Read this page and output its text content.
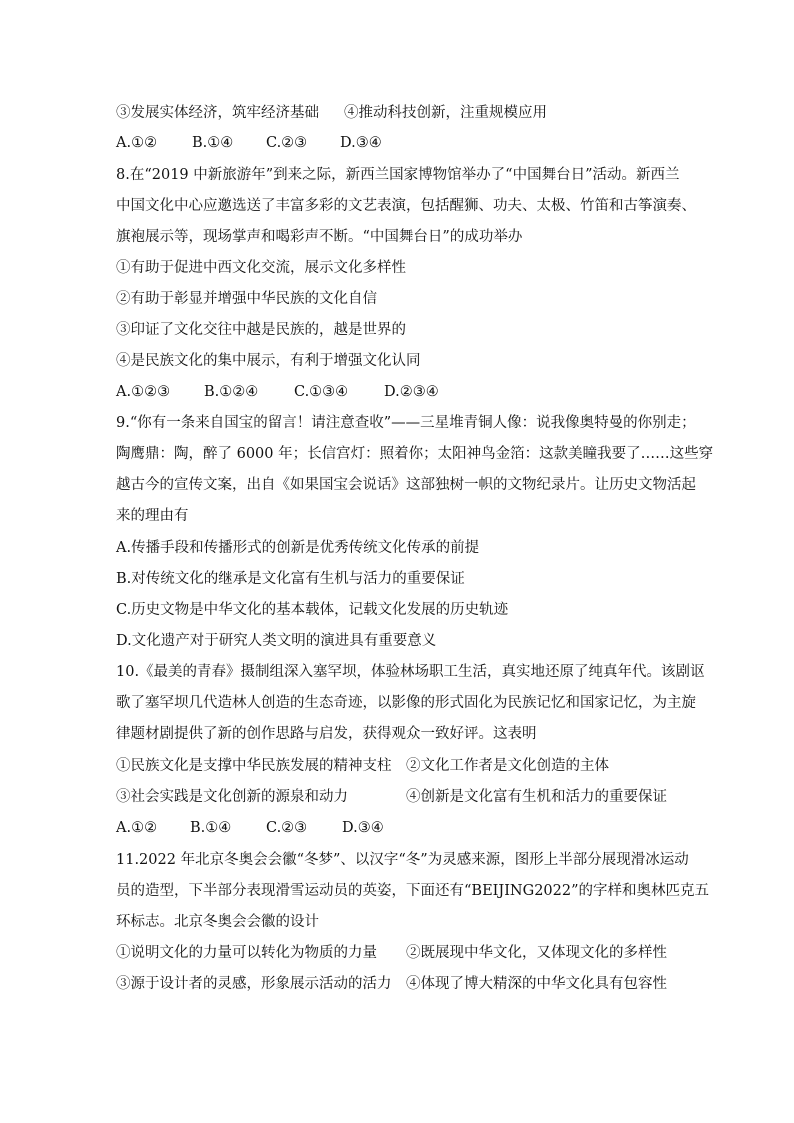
③发展实体经济，筑牢经济基础 ④推动科技创新，注重规模应用
A.①② B.①④ C.②③ D.③④
8.在“2019 中新旅游年”到来之际，新西兰国家博物馆举办了“中国舞台日”活动。新西兰
中国文化中心应邀选送了丰富多彩的文艺表演，包括醒狮、功夫、太极、竹笛和古筝演奏、
旗袍展示等，现场掌声和喝彩声不断。“中国舞台日”的成功举办
①有助于促进中西文化交流，展示文化多样性
②有助于彰显并增强中华民族的文化自信
③印证了文化交往中越是民族的，越是世界的
④是民族文化的集中展示，有利于增强文化认同
A.①②③ B.①②④ C.①③④ D.②③④
9.“你有一条来自国宝的留言！请注意查收”——三星堆青铜人像：说我像奥特曼的你别走；
陶鹰鼎：陶，醉了 6000 年；长信宫灯：照着你；太阳神鸟金箔：这款美瞳我要了……这些穿
越古今的宣传文案，出自《如果国宝会说话》这部独树一帜的文物纪录片。让历史文物活起
来的理由有
A.传播手段和传播形式的创新是优秀传统文化传承的前提
B.对传统文化的继承是文化富有生机与活力的重要保证
C.历史文物是中华文化的基本载体，记载文化发展的历史轨迹
D.文化遗产对于研究人类文明的演进具有重要意义
10.《最美的青春》摄制组深入塞罕坝，体验林场职工生活，真实地还原了纯真年代。该剧讴
歌了塞罕坝几代造林人创造的生态奇迹，以影像的形式固化为民族记忆和国家记忆，为主旋
律题材剧提供了新的创作思路与启发，获得观众一致好评。这表明
①民族文化是支撑中华民族发展的精神支柱 ②文化工作者是文化创造的主体
③社会实践是文化创新的源泉和动力	④创新是文化富有生机和活力的重要保证
A.①② B.①④ C.②③ D.③④
11.2022 年北京冬奥会会徽“冬梦”、以汉字“冬”为灵感来源，图形上半部分展现滑冰运动
员的造型，下半部分表现滑雪运动员的英姿，下面还有“BEIJING2022”的字样和奥林匹克五
环标志。北京冬奥会会徽的设计
①说明文化的力量可以转化为物质的力量 ②既展现中华文化，又体现文化的多样性
③源于设计者的灵感，形象展示活动的活力 ④体现了博大精深的中华文化具有包容性
